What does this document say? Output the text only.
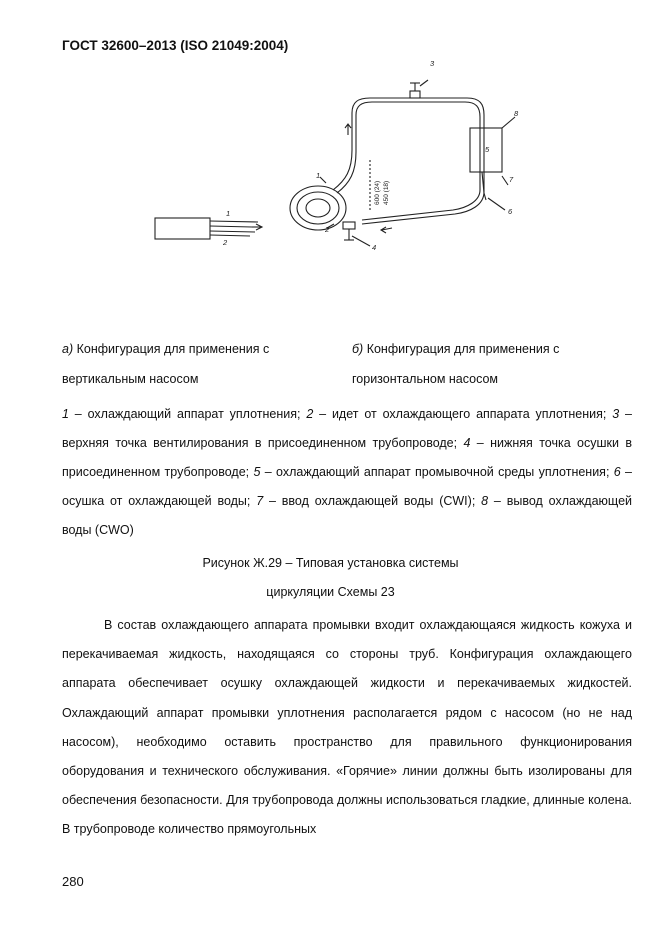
ГОСТ 32600–2013 (ISO 21049:2004)
1
2
1
2
3
4
5
6
7
8
600 (24) 450 (18)
а) Конфигурация для применения с
вертикальным насосом
б) Конфигурация для применения с
горизонтальном насосом
1 – охлаждающий аппарат уплотнения; 2 – идет от охлаждающего аппарата уплотнения; 3 – верхняя точка вентилирования в присоединенном трубопроводе; 4 – нижняя точка осушки в присоединенном трубопроводе; 5 – охлаждающий аппарат промывочной среды уплотнения; 6 – осушка от охлаждающей воды; 7 – ввод охлаждающей воды (CWI); 8 – вывод охлаждающей воды (CWO)
Рисунок Ж.29 – Типовая установка системы
циркуляции Схемы 23
В состав охлаждающего аппарата промывки входит охлаждающаяся жидкость кожуха и перекачиваемая жидкость, находящаяся со стороны труб. Конфигурация охлаждающего аппарата обеспечивает осушку охлаждающей жидкости и перекачиваемых жидкостей. Охлаждающий аппарат промывки уплотнения располагается рядом с насосом (но не над насосом), необходимо оставить пространство для правильного функционирования оборудования и технического обслуживания. «Горячие» линии должны быть изолированы для обеспечения безопасности. Для трубопровода должны использоваться гладкие, длинные колена. В трубопроводе количество прямоугольных
280
